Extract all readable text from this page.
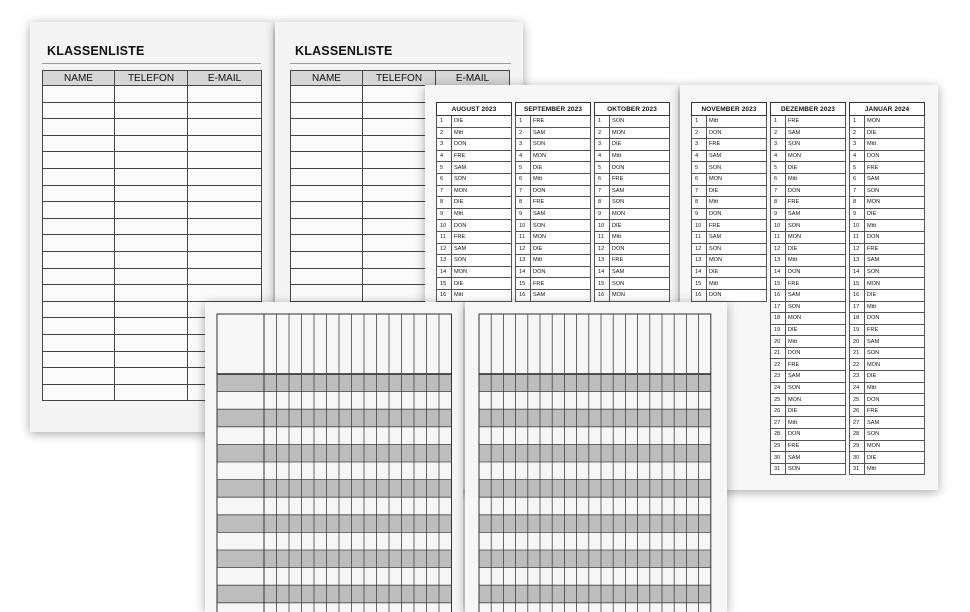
KLASSENLISTE
NAME	TELEFON	E-MAIL

KLASSENLISTE
NAME	TELEFON	E-MAIL

AUGUST 2023	
1	DIE
2	Mitt
3	DON
4	FRE
5	SAM
6	SON
7	MON
8	DIE
9	Mitt
10	DON
11	FRE
12	SAM
13	SON
14	MON
15	DIE
16	Mitt
SEPTEMBER 2023	
1	FRE
2	SAM
3	SON
4	MON
5	DIE
6	Mitt
7	DON
8	FRE
9	SAM
10	SON
11	MON
12	DIE
13	Mitt
14	DON
15	FRE
16	SAM
OKTOBER 2023	
1	SON
2	MON
3	DIE
4	Mitt
5	DON
6	FRE
7	SAM
8	SON
9	MON
10	DIE
11	Mitt
12	DON
13	FRE
14	SAM
15	SON
16	MON
NOVEMBER 2023	
1	Mitt
2	DON
3	FRE
4	SAM
5	SON
6	MON
7	DIE
8	Mitt
9	DON
10	FRE
11	SAM
12	SON
13	MON
14	DIE
15	Mitt
16	DON
DEZEMBER 2023	
1	FRE
2	SAM
3	SON
4	MON
5	DIE
6	Mitt
7	DON
8	FRE
9	SAM
10	SON
11	MON
12	DIE
13	Mitt
14	DON
15	FRE
16	SAM
17	SON
18	MON
19	DIE
20	Mitt
21	DON
22	FRE
23	SAM
24	SON
25	MON
26	DIE
27	Mitt
28	DON
29	FRE
30	SAM
31	SON
JANUAR 2024	
1	MON
2	DIE
3	Mitt
4	DON
5	FRE
6	SAM
7	SON
8	MON
9	DIE
10	Mitt
11	DON
12	FRE
13	SAM
14	SON
15	MON
16	DIE
17	Mitt
18	DON
19	FRE
20	SAM
21	SON
22	MON
23	DIE
24	Mitt
25	DON
26	FRE
27	SAM
28	SON
29	MON
30	DIE
31	Mitt
